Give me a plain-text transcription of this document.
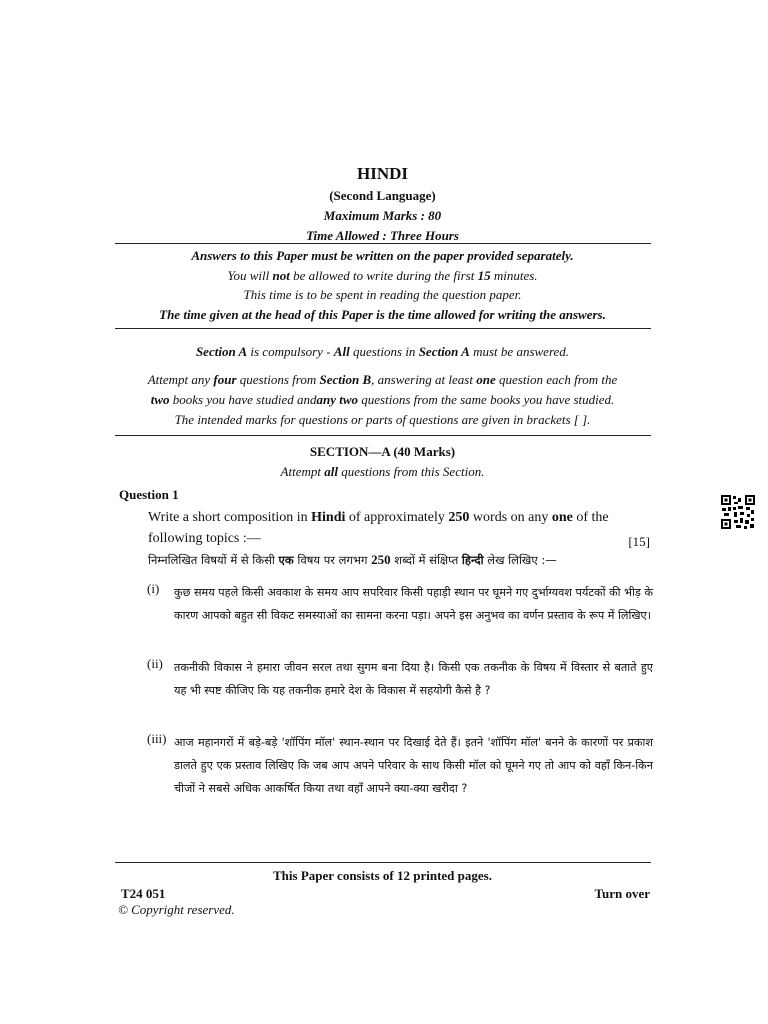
HINDI
(Second Language)
Maximum Marks : 80
Time Allowed : Three Hours

Answers to this Paper must be written on the paper provided separately.

You will not be allowed to write during the first 15 minutes.

This time is to be spent in reading the question paper.

The time given at the head of this Paper is the time allowed for writing the answers.

Section A is compulsory - All questions in Section A must be answered.

Attempt any four questions from Section B, answering at least one question each from the

two books you have studied andany two questions from the same books you have studied.

The intended marks for questions or parts of questions are given in brackets [ ].

SECTION—A (40 Marks)
Attempt all questions from this Section.
Question 1
Write a short composition in Hindi of approximately 250 words on any one of the
following topics :—	[15]
निम्नलिखित विषयों में से किसी एक विषय पर लगभग 250 शब्दों में संक्षिप्त हिन्दी लेख लिखिए :—
(i) कुछ समय पहले किसी अवकाश के समय आप सपरिवार किसी पहाड़ी स्थान पर घूमने गए दुर्भाग्यवश पर्यटकों की भीड़ के कारण आपको बहुत सी विकट समस्याओं का सामना करना पड़ा। अपने इस अनुभव का वर्णन प्रस्ताव के रूप में लिखिए।
(ii) तकनीकी विकास ने हमारा जीवन सरल तथा सुगम बना दिया है। किसी एक तकनीक के विषय में विस्तार से बताते हुए यह भी स्पष्ट कीजिए कि यह तकनीक हमारे देश के विकास में सहयोगी कैसे है ?
(iii) आज महानगरों में बड़े-बड़े 'शॉपिंग मॉल' स्थान-स्थान पर दिखाई देते हैं। इतने 'शॉपिंग मॉल' बनने के कारणों पर प्रकाश डालते हुए एक प्रस्ताव लिखिए कि जब आप अपने परिवार के साथ किसी मॉल को घूमने गए तो आप को वहाँ किन-किन चीजों ने सबसे अधिक आकर्षित किया तथा वहाँ आपने क्या-क्या खरीदा ?
This Paper consists of 12 printed pages.
T24 051	Turn over
© Copyright reserved.
